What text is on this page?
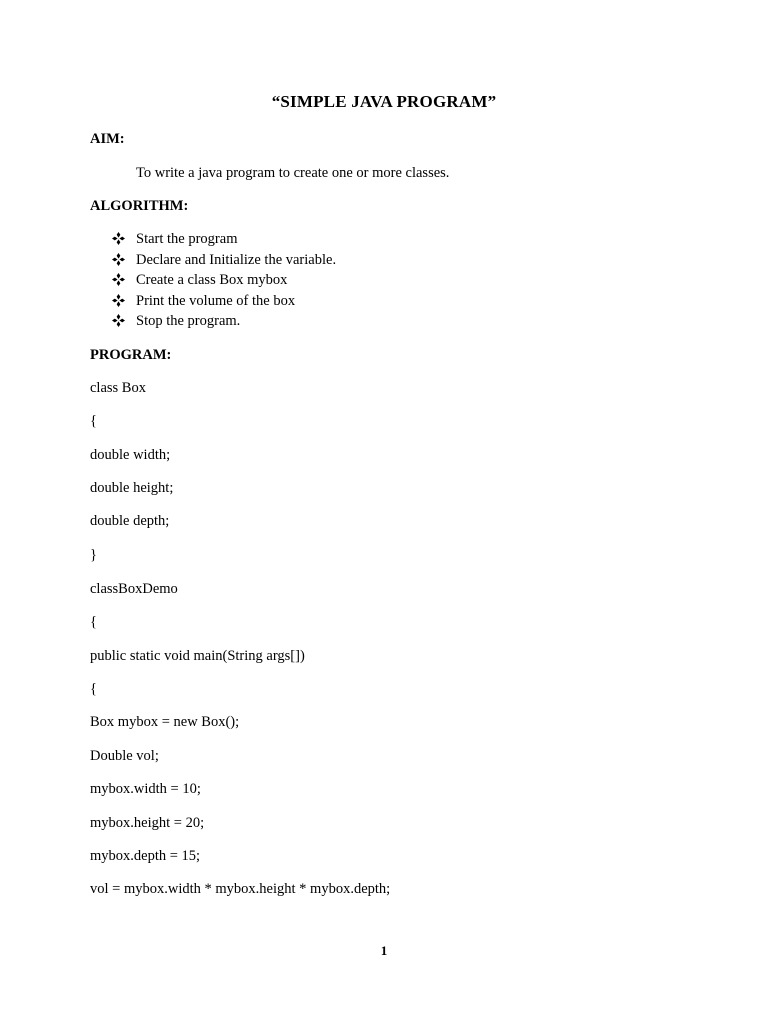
“SIMPLE JAVA PROGRAM”
AIM:

To write a java program to create one or more classes.

ALGORITHM:
Start the program
Declare and Initialize the variable.
Create a class Box mybox
Print the volume of the box
Stop the program.
PROGRAM:

class Box

{

double width;

double height;

double depth;

}

classBoxDemo

{

public static void main(String args[])

{

Box mybox = new Box();

Double vol;

mybox.width = 10;

mybox.height = 20;

mybox.depth = 15;

vol = mybox.width * mybox.height * mybox.depth;

1
